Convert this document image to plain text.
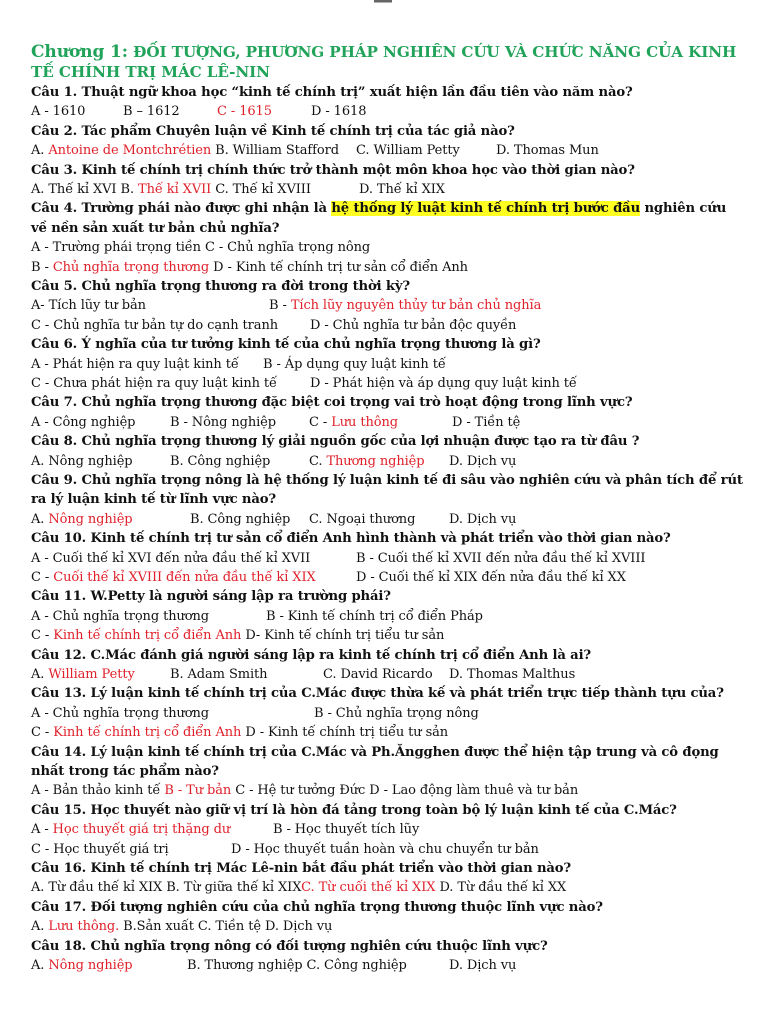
Chương 1: ĐỐI TƯỢNG, PHƯƠNG PHÁP NGHIÊN CỨU VÀ CHỨC NĂNG CỦA KINH TẾ CHÍNH TRỊ MÁC LÊ-NIN
Câu 1. Thuật ngữ khoa học “kinh tế chính trị” xuất hiện lần đầu tiên vào năm nào?
A - 1610	B – 1612	C - 1615	D - 1618
Câu 2. Tác phẩm Chuyên luận về Kinh tế chính trị của tác giả nào?
A. Antoine de Montchrétien B. William Stafford C. William Petty	D. Thomas Mun
Câu 3. Kinh tế chính trị chính thức trở thành một môn khoa học vào thời gian nào?
A. Thế kỉ XVI B. Thế kỉ XVII C. Thế kỉ XVIII	D. Thế kỉ XIX
Câu 4. Trường phái nào được ghi nhận là hệ thống lý luật kinh tế chính trị bước đầu nghiên cứu về nền sản xuất tư bản chủ nghĩa?
A - Trường phái trọng tiền C - Chủ nghĩa trọng nông
B - Chủ nghĩa trọng thương D - Kinh tế chính trị tư sản cổ điển Anh
Câu 5. Chủ nghĩa trọng thương ra đời trong thời kỳ?
A- Tích lũy tư bản	B - Tích lũy nguyên thủy tư bản chủ nghĩa
C - Chủ nghĩa tư bản tự do cạnh tranh D - Chủ nghĩa tư bản độc quyền
Câu 6. Ý nghĩa của tư tưởng kinh tế của chủ nghĩa trọng thương là gì?
A - Phát hiện ra quy luật kinh tế B - Áp dụng quy luật kinh tế
C - Chưa phát hiện ra quy luật kinh tế	D - Phát hiện và áp dụng quy luật kinh tế
Câu 7. Chủ nghĩa trọng thương đặc biệt coi trọng vai trò hoạt động trong lĩnh vực?
A - Công nghiệp	B - Nông nghiệp	C - Lưu thông	D - Tiền tệ
Câu 8. Chủ nghĩa trọng thương lý giải nguồn gốc của lợi nhuận được tạo ra từ đâu ?
A. Nông nghiệp	B. Công nghiệp	C. Thương nghiệp D. Dịch vụ
Câu 9. Chủ nghĩa trọng nông là hệ thống lý luận kinh tế đi sâu vào nghiên cứu và phân tích để rút ra lý luận kinh tế từ lĩnh vực nào?
A. Nông nghiệp	B. Công nghiệp C. Ngoại thương	D. Dịch vụ
Câu 10. Kinh tế chính trị tư sản cổ điển Anh hình thành và phát triển vào thời gian nào?
A - Cuối thế kỉ XVI đến nửa đầu thế kỉ XVII	B - Cuối thế kỉ XVII đến nửa đầu thế kỉ XVIII
C - Cuối thế kỉ XVIII đến nửa đầu thế kỉ XIX	D - Cuối thế kỉ XIX đến nửa đầu thế kỉ XX
Câu 11. W.Petty là người sáng lập ra trường phái?
A - Chủ nghĩa trọng thương	B - Kinh tế chính trị cổ điển Pháp
C - Kinh tế chính trị cổ điển Anh D- Kinh tế chính trị tiểu tư sản
Câu 12. C.Mác đánh giá người sáng lập ra kinh tế chính trị cổ điển Anh là ai?
A. William Petty	B. Adam Smith	C. David Ricardo D. Thomas Malthus
Câu 13. Lý luận kinh tế chính trị của C.Mác được thừa kế và phát triển trực tiếp thành tựu của?
A - Chủ nghĩa trọng thương	B - Chủ nghĩa trọng nông
C - Kinh tế chính trị cổ điển Anh D - Kinh tế chính trị tiểu tư sản
Câu 14. Lý luận kinh tế chính trị của C.Mác và Ph.Ăngghen được thể hiện tập trung và cô đọng nhất trong tác phẩm nào?
A - Bản thảo kinh tế B - Tư bản C - Hệ tư tưởng Đức D - Lao động làm thuê và tư bản
Câu 15. Học thuyết nào giữ vị trí là hòn đá tảng trong toàn bộ lý luận kinh tế của C.Mác?
A - Học thuyết giá trị thặng dư	B - Học thuyết tích lũy
C - Học thuyết giá trị	D - Học thuyết tuần hoàn và chu chuyển tư bản
Câu 16. Kinh tế chính trị Mác Lê-nin bắt đầu phát triển vào thời gian nào?
A. Từ đầu thế kỉ XIX B. Từ giữa thế kỉ XIXC. Từ cuối thế kỉ XIX D. Từ đầu thế kỉ XX
Câu 17. Đối tượng nghiên cứu của chủ nghĩa trọng thương thuộc lĩnh vực nào?
A. Lưu thông. B.Sản xuất C. Tiền tệ D. Dịch vụ
Câu 18. Chủ nghĩa trọng nông có đối tượng nghiên cứu thuộc lĩnh vực?
A. Nông nghiệp	B. Thương nghiệp C. Công nghiệp	D. Dịch vụ
